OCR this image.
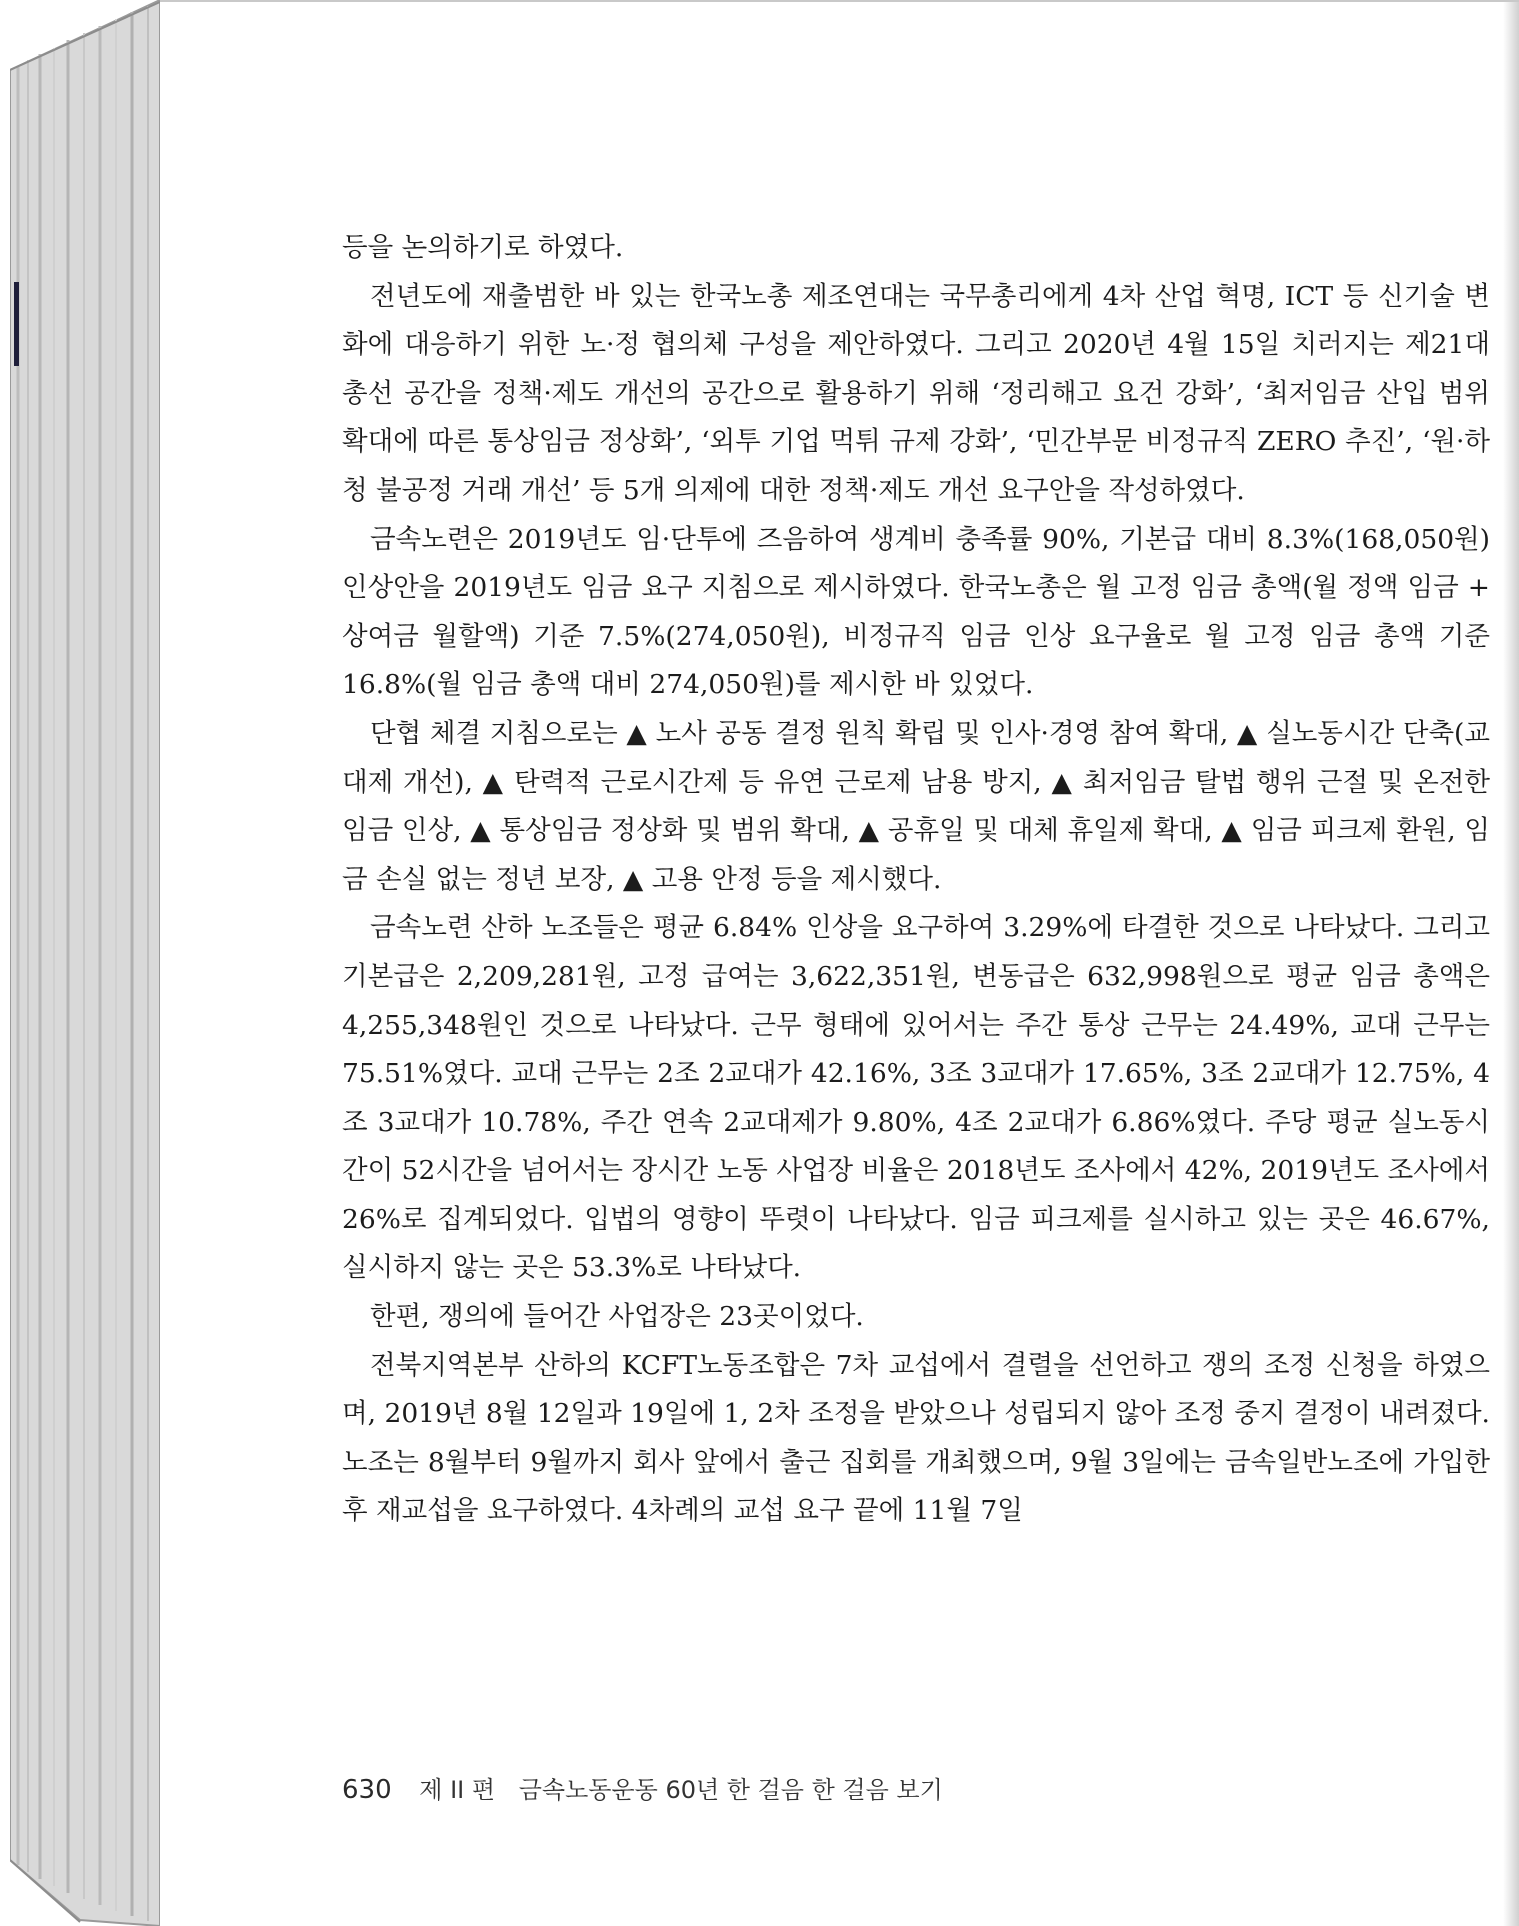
등을 논의하기로 하였다.

전년도에 재출범한 바 있는 한국노총 제조연대는 국무총리에게 4차 산업 혁명, ICT 등 신기술 변화에 대응하기 위한 노·정 협의체 구성을 제안하였다. 그리고 2020년 4월 15일 치러지는 제21대 총선 공간을 정책·제도 개선의 공간으로 활용하기 위해 ‘정리해고 요건 강화’, ‘최저임금 산입 범위 확대에 따른 통상임금 정상화’, ‘외투 기업 먹튀 규제 강화’, ‘민간부문 비정규직 ZERO 추진’, ‘원·하청 불공정 거래 개선’ 등 5개 의제에 대한 정책·제도 개선 요구안을 작성하였다.

금속노련은 2019년도 임·단투에 즈음하여 생계비 충족률 90%, 기본급 대비 8.3%(168,050원) 인상안을 2019년도 임금 요구 지침으로 제시하였다. 한국노총은 월 고정 임금 총액(월 정액 임금 + 상여금 월할액) 기준 7.5%(274,050원), 비정규직 임금 인상 요구율로 월 고정 임금 총액 기준 16.8%(월 임금 총액 대비 274,050원)를 제시한 바 있었다.

단협 체결 지침으로는 ▲ 노사 공동 결정 원칙 확립 및 인사·경영 참여 확대, ▲ 실노동시간 단축(교대제 개선), ▲ 탄력적 근로시간제 등 유연 근로제 남용 방지, ▲ 최저임금 탈법 행위 근절 및 온전한 임금 인상, ▲ 통상임금 정상화 및 범위 확대, ▲ 공휴일 및 대체 휴일제 확대, ▲ 임금 피크제 환원, 임금 손실 없는 정년 보장, ▲ 고용 안정 등을 제시했다.

금속노련 산하 노조들은 평균 6.84% 인상을 요구하여 3.29%에 타결한 것으로 나타났다. 그리고 기본급은 2,209,281원, 고정 급여는 3,622,351원, 변동급은 632,998원으로 평균 임금 총액은 4,255,348원인 것으로 나타났다. 근무 형태에 있어서는 주간 통상 근무는 24.49%, 교대 근무는 75.51%였다. 교대 근무는 2조 2교대가 42.16%, 3조 3교대가 17.65%, 3조 2교대가 12.75%, 4조 3교대가 10.78%, 주간 연속 2교대제가 9.80%, 4조 2교대가 6.86%였다. 주당 평균 실노동시간이 52시간을 넘어서는 장시간 노동 사업장 비율은 2018년도 조사에서 42%, 2019년도 조사에서 26%로 집계되었다. 입법의 영향이 뚜렷이 나타났다. 임금 피크제를 실시하고 있는 곳은 46.67%, 실시하지 않는 곳은 53.3%로 나타났다.

한편, 쟁의에 들어간 사업장은 23곳이었다.

전북지역본부 산하의 KCFT노동조합은 7차 교섭에서 결렬을 선언하고 쟁의 조정 신청을 하였으며, 2019년 8월 12일과 19일에 1, 2차 조정을 받았으나 성립되지 않아 조정 중지 결정이 내려졌다. 노조는 8월부터 9월까지 회사 앞에서 출근 집회를 개최했으며, 9월 3일에는 금속일반노조에 가입한 후 재교섭을 요구하였다. 4차례의 교섭 요구 끝에 11월 7일

630 제 II 편 금속노동운동 60년 한 걸음 한 걸음 보기
